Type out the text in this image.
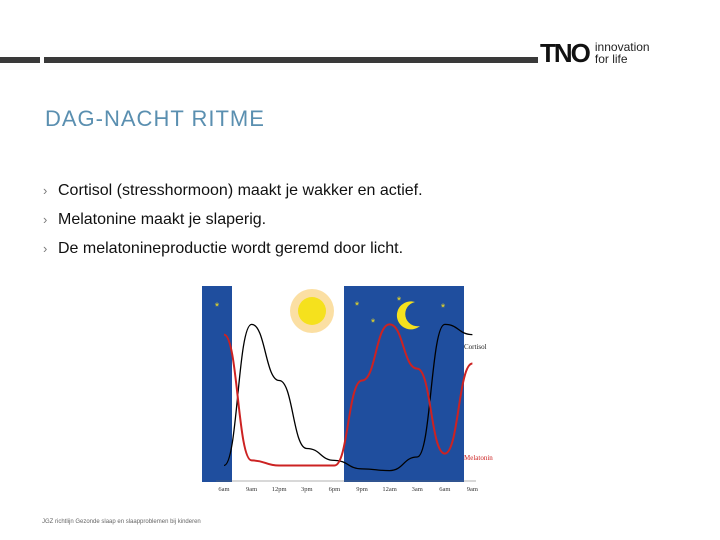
TNO innovation
for life
DAG-NACHT RITME
› Cortisol (stresshormoon) maakt je wakker en actief.
› Melatonine maakt je slaperig.
› De melatonineproductie wordt geremd door licht.
*	*	*
*
*
Cortisol
Melatonin
6am	9am 12pm 3pm 6pm 9pm 12am 3am	6am	9am
JGZ richtlijn Gezonde slaap en slaapproblemen bij kinderen
